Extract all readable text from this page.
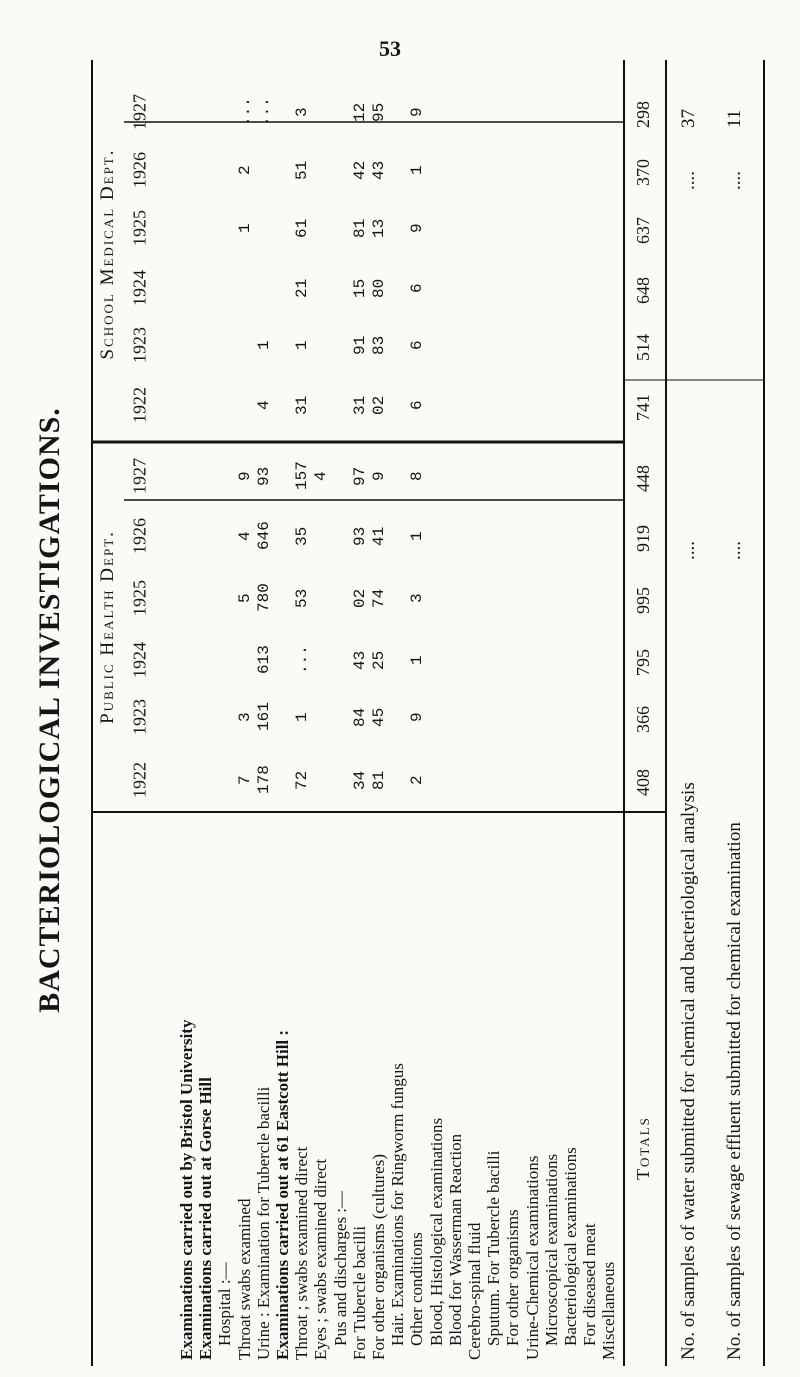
53
BACTERIOLOGICAL INVESTIGATIONS.
School Medical Dept.
Public Health Dept.
1922
1923
1924
1925
1926
1927
1922
1923
1924
1925
1926
1927
Examinations carried out by Bristol University Examinations carried out at Gorse Hill Hospital :— Throat swabs examined Urine : Examination for Tubercle bacilli Examinations carried out at 61 Eastcott Hill : Throat ; swabs examined direct Eyes ; swabs examined direct Pus and discharges :— For Tubercle bacilli For other organisms (cultures) Hair. Examinations for Ringworm fungus Other conditions Blood, Histological examinations Blood for Wasserman Reaction Cerebro-spinal fluid Sputum. For Tubercle bacilli For other organisms Urine-Chemical examinations Microscopical examinations Bacteriological examinations For diseased meat Miscellaneous
Totals
7
3
5
4
9
1
2
...
178
161
613
780
646
93
4
1
...
72
1
...
53
35
157
31
1
21
61
51
3
4
34
84
43
02
93
97
31
91
15
81
42
12
81
45
25
74
41
9
02
83
80
13
43
95
2
9
1
3
1
8
6
6
6
9
1
9
408
366
795
995
919
448
741
514
648
637
370
298
No. of samples of water submitted for chemical and bacteriological analysis
....
....
37
No. of samples of sewage effluent submitted for chemical examination
....
....
11
